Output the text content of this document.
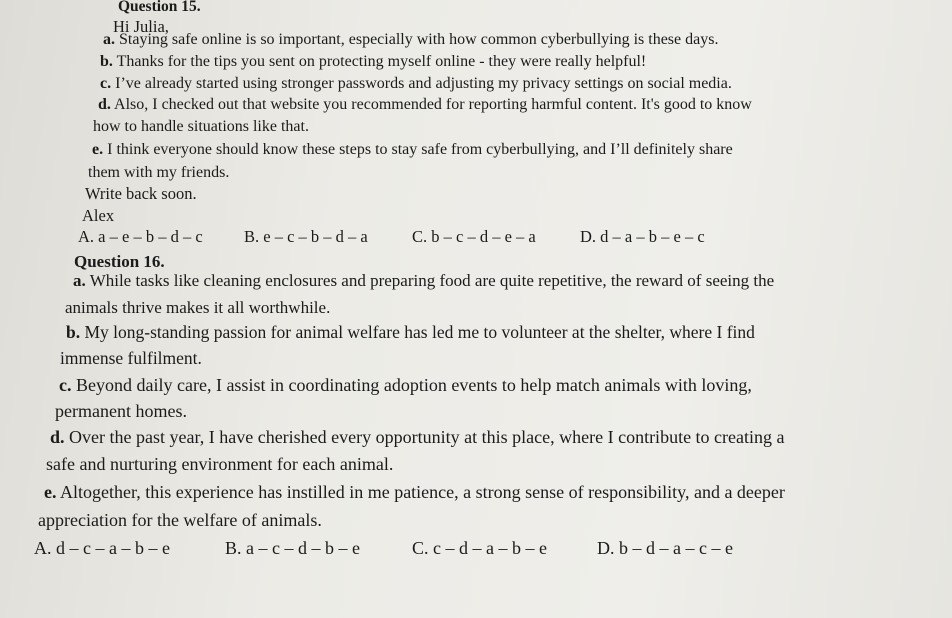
Question 15.
Hi Julia,
a. Staying safe online is so important, especially with how common cyberbullying is these days.
b. Thanks for the tips you sent on protecting myself online - they were really helpful!
c. I’ve already started using stronger passwords and adjusting my privacy settings on social media.
d. Also, I checked out that website you recommended for reporting harmful content. It's good to know
how to handle situations like that.
e. I think everyone should know these steps to stay safe from cyberbullying, and I’ll definitely share
them with my friends.
Write back soon.
Alex
A. a – e – b – d – c	B. e – c – b – d – a	C. b – c – d – e – a	D. d – a – b – e – c
Question 16.
a. While tasks like cleaning enclosures and preparing food are quite repetitive, the reward of seeing the
animals thrive makes it all worthwhile.
b. My long-standing passion for animal welfare has led me to volunteer at the shelter, where I find
immense fulfilment.
c. Beyond daily care, I assist in coordinating adoption events to help match animals with loving,
permanent homes.
d. Over the past year, I have cherished every opportunity at this place, where I contribute to creating a
safe and nurturing environment for each animal.
e. Altogether, this experience has instilled in me patience, a strong sense of responsibility, and a deeper
appreciation for the welfare of animals.
A. d – c – a – b – e	B. a – c – d – b – e	C. c – d – a – b – e	D. b – d – a – c – e
